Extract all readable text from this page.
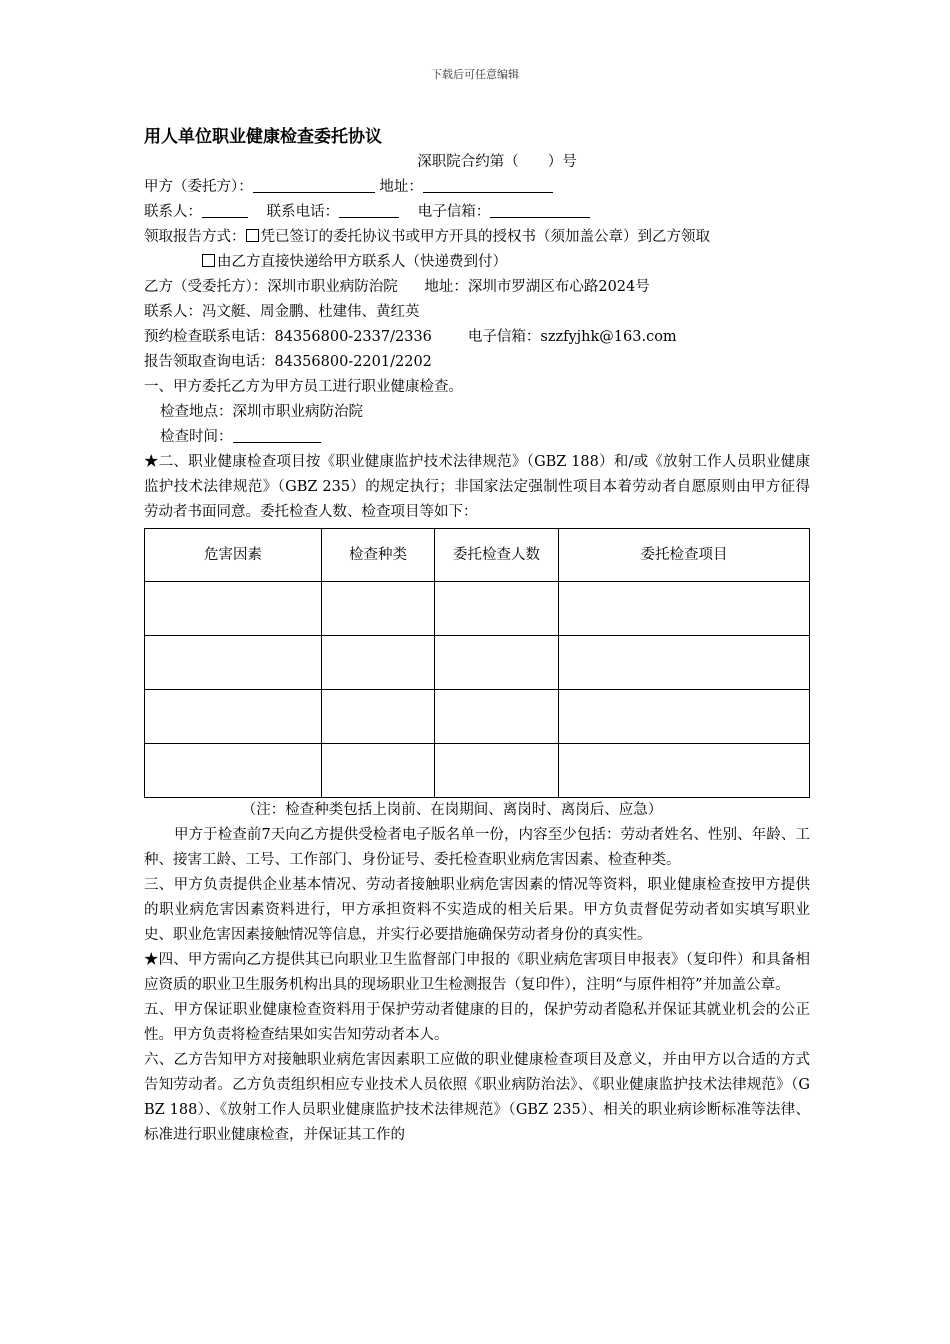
下载后可任意编辑
用人单位职业健康检查委托协议
深职院合约第（　　）号
甲方（委托方）：	地址：
联系人：	联系电话：	电子信箱：
领取报告方式： 凭已签订的委托协议书或甲方开具的授权书（须加盖公章）到乙方领取
由乙方直接快递给甲方联系人（快递费到付）
乙方（受委托方）：深圳市职业病防治院 地址：深圳市罗湖区布心路2024号
联系人：冯文艇、周金鹏、杜建伟、黄红英
预约检查联系电话：84356800-2337/2336 电子信箱：szzfyjhk@163.com
报告领取查询电话：84356800-2201/2202
一、甲方委托乙方为甲方员工进行职业健康检查。
检查地点：深圳市职业病防治院
检查时间：
★二、职业健康检查项目按《职业健康监护技术法律规范》（GBZ 188）和/或《放射工作人员职业健康监护技术法律规范》（GBZ 235）的规定执行；非国家法定强制性项目本着劳动者自愿原则由甲方征得劳动者书面同意。委托检查人数、检查项目等如下：
危害因素	检查种类	委托检查人数	委托检查项目

（注：检查种类包括上岗前、在岗期间、离岗时、离岗后、应急）
甲方于检查前7天向乙方提供受检者电子版名单一份，内容至少包括：劳动者姓名、性别、年龄、工种、接害工龄、工号、工作部门、身份证号、委托检查职业病危害因素、检查种类。
三、甲方负责提供企业基本情况、劳动者接触职业病危害因素的情况等资料，职业健康检查按甲方提供的职业病危害因素资料进行，甲方承担资料不实造成的相关后果。甲方负责督促劳动者如实填写职业史、职业危害因素接触情况等信息，并实行必要措施确保劳动者身份的真实性。
★四、甲方需向乙方提供其已向职业卫生监督部门申报的《职业病危害项目申报表》（复印件）和具备相应资质的职业卫生服务机构出具的现场职业卫生检测报告（复印件），注明“与原件相符”并加盖公章。
五、甲方保证职业健康检查资料用于保护劳动者健康的目的，保护劳动者隐私并保证其就业机会的公正性。甲方负责将检查结果如实告知劳动者本人。
六、乙方告知甲方对接触职业病危害因素职工应做的职业健康检查项目及意义，并由甲方以合适的方式告知劳动者。乙方负责组织相应专业技术人员依照《职业病防治法》、《职业健康监护技术法律规范》（GBZ 188）、《放射工作人员职业健康监护技术法律规范》（GBZ 235）、相关的职业病诊断标准等法律、标准进行职业健康检查，并保证其工作的
